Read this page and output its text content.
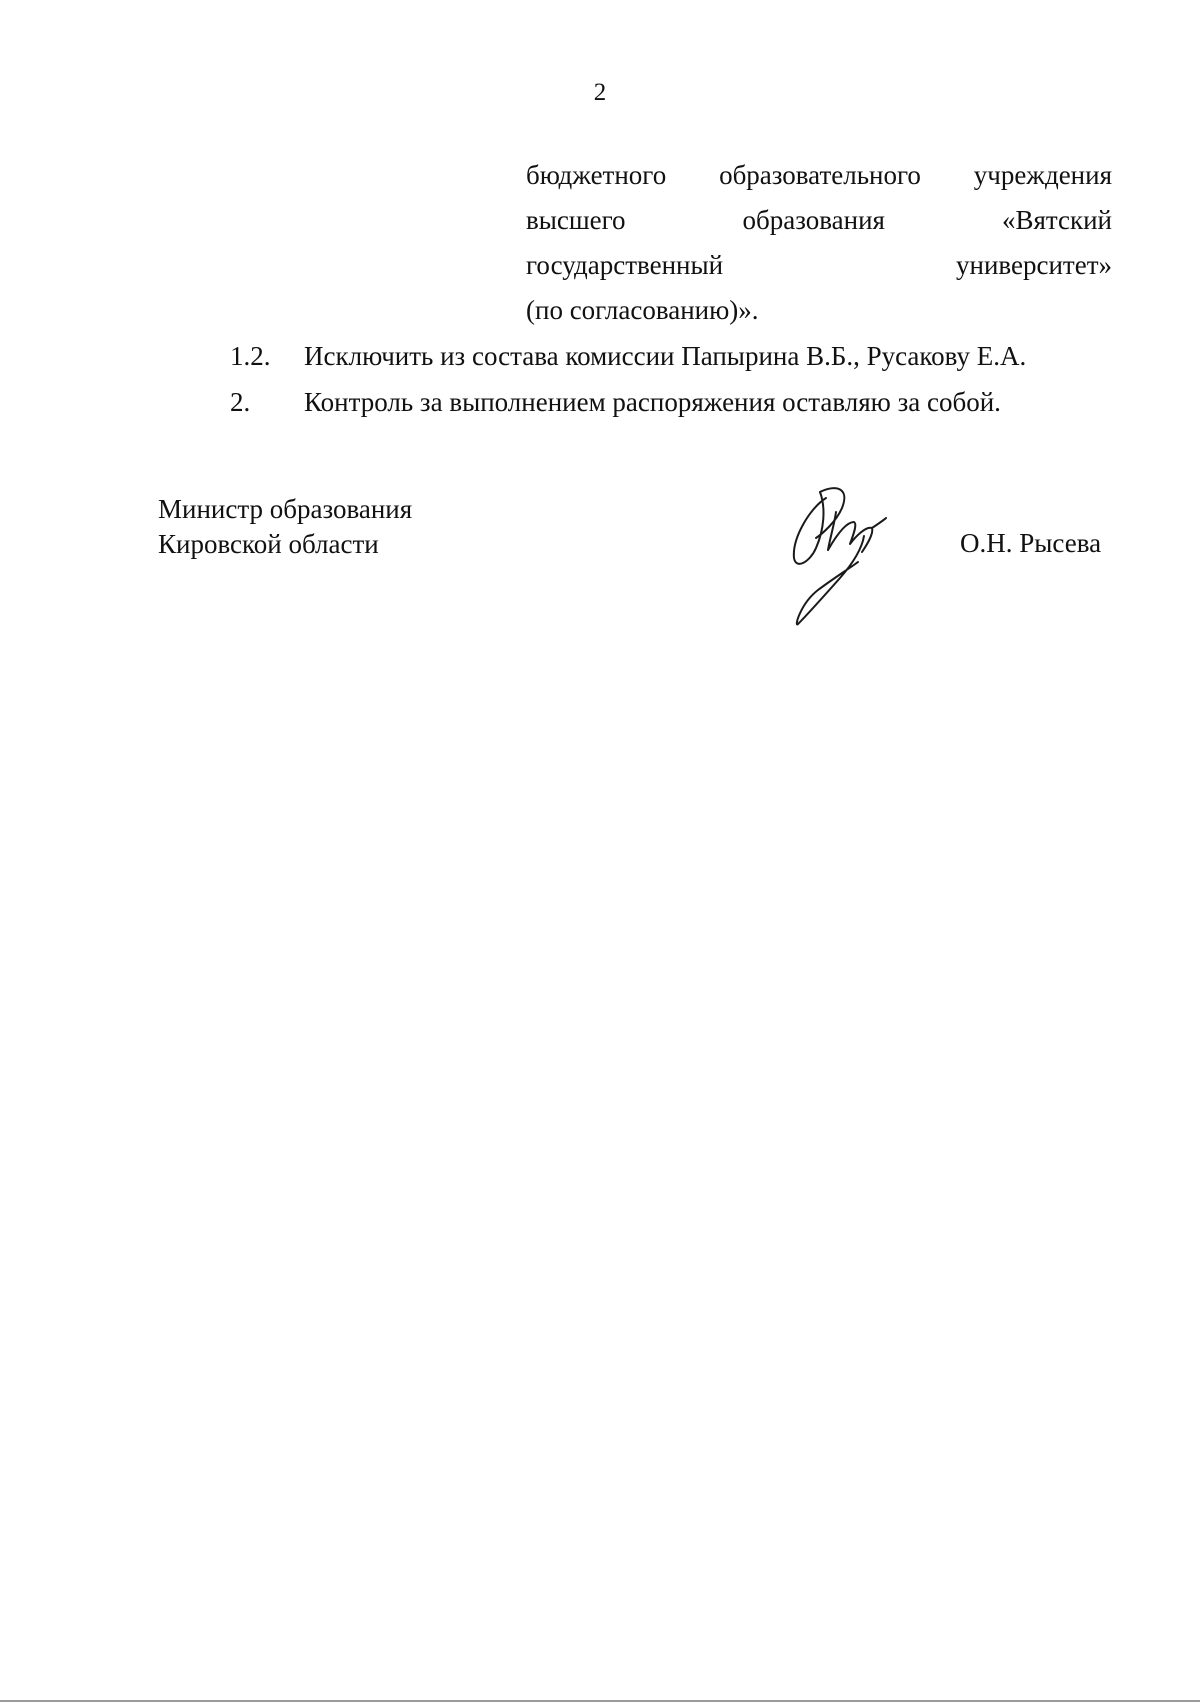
2
бюджетного образовательного учреждения
высшего	образования	«Вятский
государственный	университет»
(по согласованию)».
1.2. Исключить из состава комиссии Папырина В.Б., Русакову Е.А.
2. Контроль за выполнением распоряжения оставляю за собой.
Министр образования
Кировской области	О.Н. Рысева
